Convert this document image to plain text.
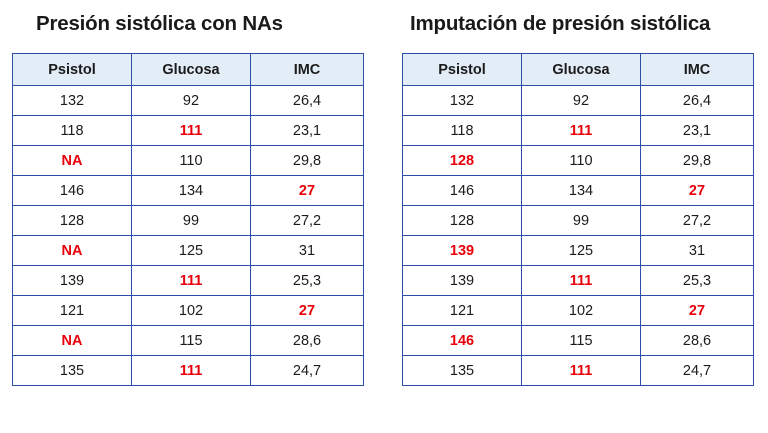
Presión sistólica con NAs
Psistol	Glucosa	IMC
132	92	26,4
118	111	23,1
NA	110	29,8
146	134	27
128	99	27,2
NA	125	31
139	111	25,3
121	102	27
NA	115	28,6
135	111	24,7
Imputación de presión sistólica
Psistol	Glucosa	IMC
132	92	26,4
118	111	23,1
128	110	29,8
146	134	27
128	99	27,2
139	125	31
139	111	25,3
121	102	27
146	115	28,6
135	111	24,7
